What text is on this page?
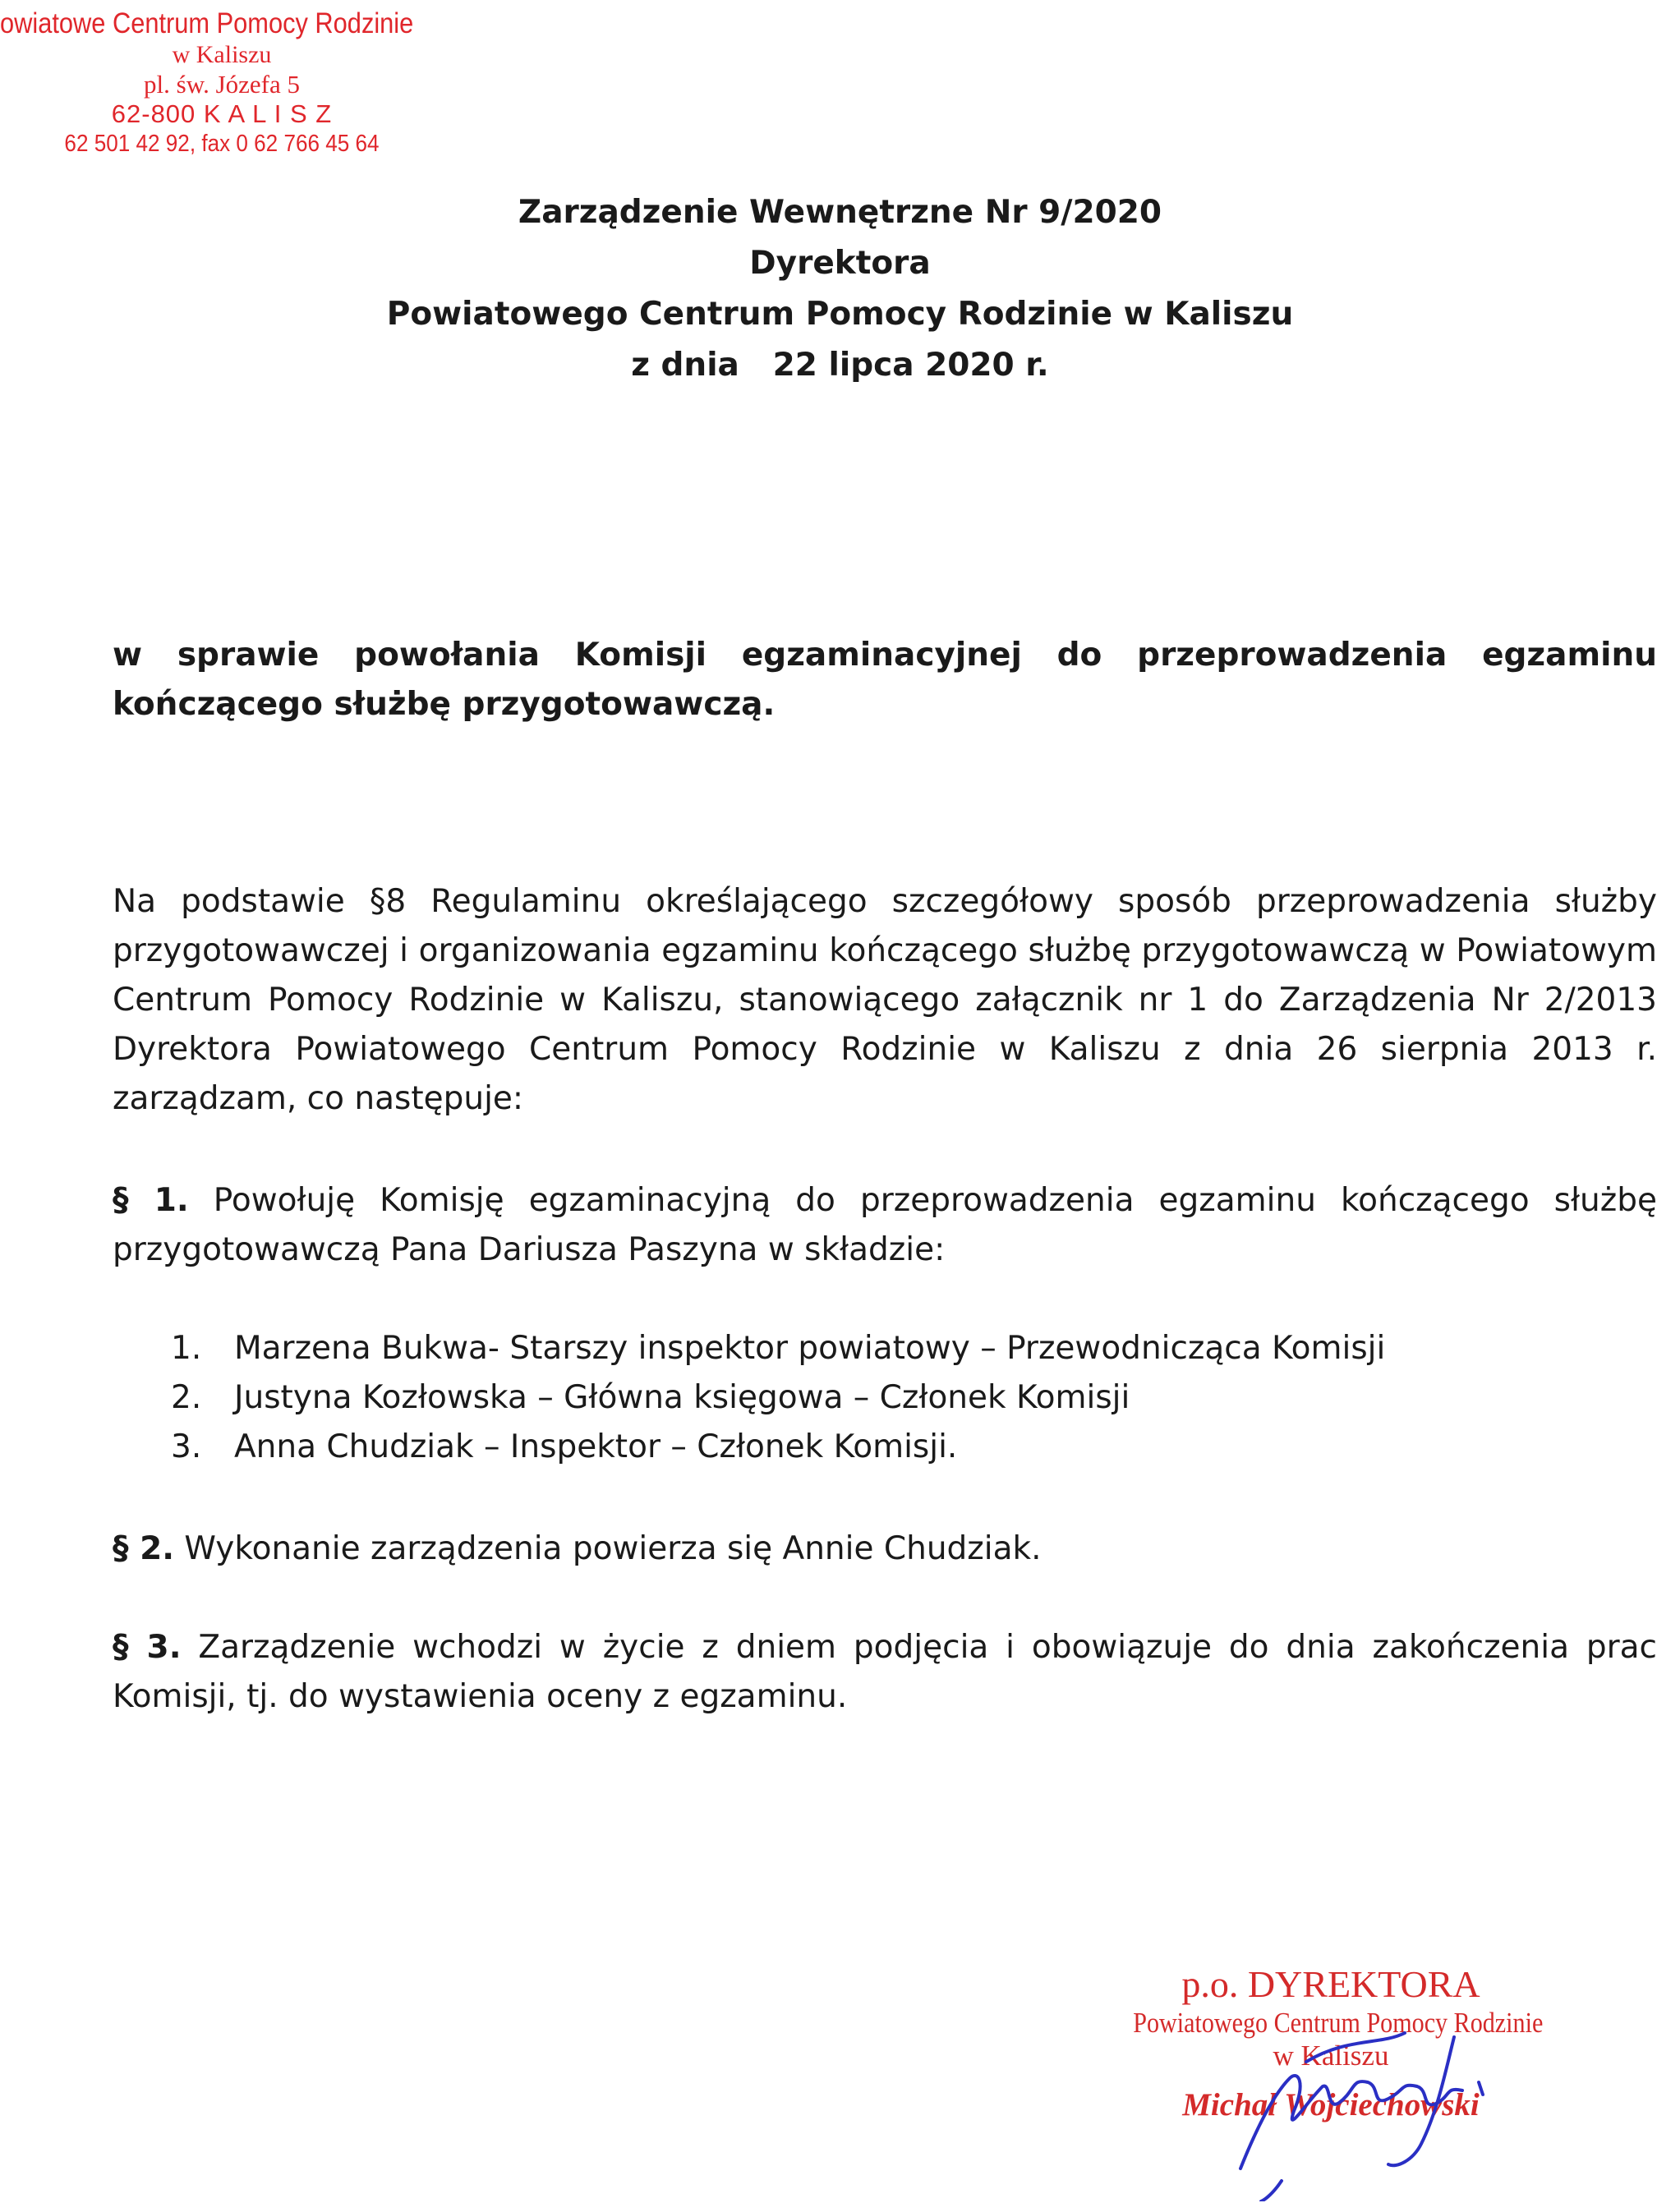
owiatowe Centrum Pomocy Rodzinie
w Kaliszu
pl. św. Józefa 5
62-800 K A L I S Z
62 501 42 92, fax 0 62 766 45 64
Zarządzenie Wewnętrzne Nr 9/2020
Dyrektora
Powiatowego Centrum Pomocy Rodzinie w Kaliszu
z dnia   22 lipca 2020 r.
w sprawie powołania Komisji egzaminacyjnej do przeprowadzenia egzaminu kończącego służbę przygotowawczą.
Na podstawie §8 Regulaminu określającego szczegółowy sposób przeprowadzenia służby przygotowawczej i organizowania egzaminu kończącego służbę przygotowawczą w Powiatowym Centrum Pomocy Rodzinie w Kaliszu, stanowiącego załącznik nr 1 do Zarządzenia Nr 2/2013 Dyrektora Powiatowego Centrum Pomocy Rodzinie w Kaliszu z dnia 26 sierpnia 2013 r. zarządzam, co następuje:
§ 1. Powołuję Komisję egzaminacyjną do przeprowadzenia egzaminu kończącego służbę przygotowawczą Pana Dariusza Paszyna w składzie:
1. Marzena Bukwa- Starszy inspektor powiatowy – Przewodnicząca Komisji
2. Justyna Kozłowska – Główna księgowa – Członek Komisji
3. Anna Chudziak – Inspektor – Członek Komisji.
§ 2. Wykonanie zarządzenia powierza się Annie Chudziak.
§ 3. Zarządzenie wchodzi w życie z dniem podjęcia i obowiązuje do dnia zakończenia prac Komisji, tj. do wystawienia oceny z egzaminu.
p.o. DYREKTORA
Powiatowego Centrum Pomocy Rodzinie
w Kaliszu
Michał Wojciechowski
